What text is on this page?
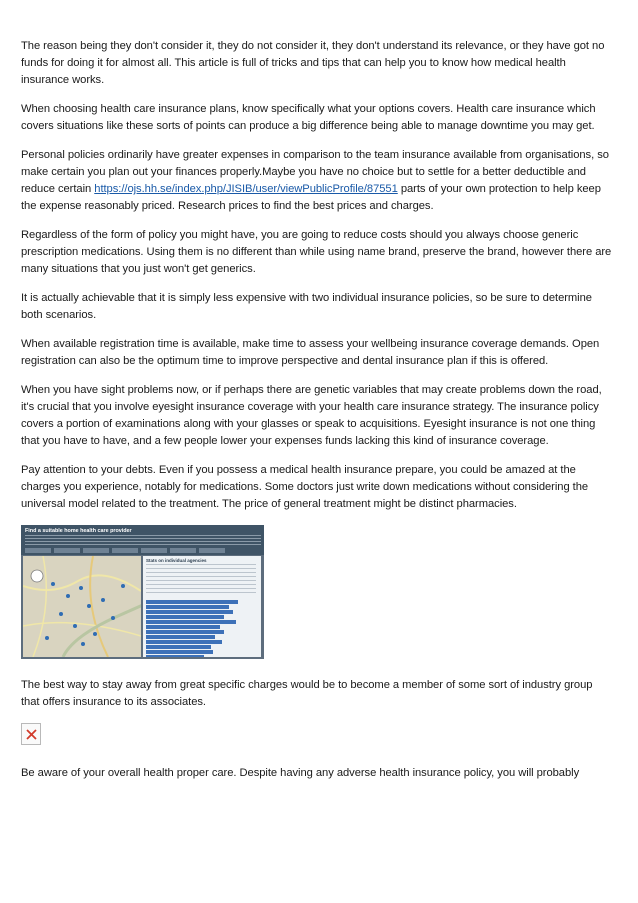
The reason being they don't consider it, they do not consider it, they don't understand its relevance, or they have got no funds for doing it for almost all. This article is full of tricks and tips that can help you to know how medical health insurance works.

When choosing health care insurance plans, know specifically what your options covers. Health care insurance which covers situations like these sorts of points can produce a big difference being able to manage downtime you may get.

Personal policies ordinarily have greater expenses in comparison to the team insurance available from organisations, so make certain you plan out your finances properly.Maybe you have no choice but to settle for a better deductible and reduce certain https://ojs.hh.se/index.php/JISIB/user/viewPublicProfile/87551 parts of your own protection to help keep the expense reasonably priced. Research prices to find the best prices and charges.

Regardless of the form of policy you might have, you are going to reduce costs should you always choose generic prescription medications. Using them is no different than while using name brand, preserve the brand, however there are many situations that you just won't get generics.

It is actually achievable that it is simply less expensive with two individual insurance policies, so be sure to determine both scenarios.

When available registration time is available, make time to assess your wellbeing insurance coverage demands. Open registration can also be the optimum time to improve perspective and dental insurance plan if this is offered.

When you have sight problems now, or if perhaps there are genetic variables that may create problems down the road, it's crucial that you involve eyesight insurance coverage with your health care insurance strategy. The insurance policy covers a portion of examinations along with your glasses or speak to acquisitions. Eyesight insurance is not one thing that you have to have, and a few people lower your expenses funds lacking this kind of insurance coverage.

Pay attention to your debts. Even if you possess a medical health insurance prepare, you could be amazed at the charges you experience, notably for medications. Some doctors just write down medications without considering the universal model related to the treatment. The price of general treatment might be distinct pharmacies.

Find a suitable home health care provider
Stats on individual agencies

The best way to stay away from great specific charges would be to become a member of some sort of industry group that offers insurance to its associates.

Be aware of your overall health proper care. Despite having any adverse health insurance policy, you will probably
